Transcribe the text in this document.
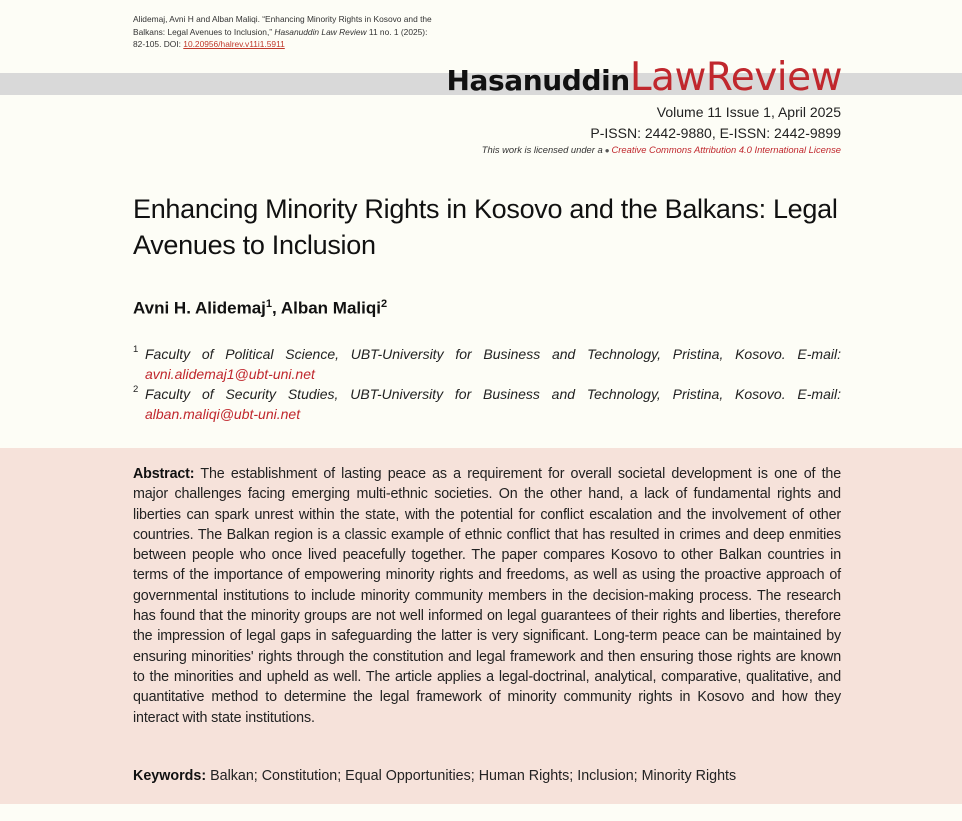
Alidemaj, Avni H and Alban Maliqi. “Enhancing Minority Rights in Kosovo and the Balkans: Legal Avenues to Inclusion,” Hasanuddin Law Review 11 no. 1 (2025): 82-105. DOI: 10.20956/halrev.v11i1.5911
HasanuddinLawReview
Volume 11 Issue 1, April 2025
P-ISSN: 2442-9880, E-ISSN: 2442-9899
This work is licensed under a ● Creative Commons Attribution 4.0 International License
Enhancing Minority Rights in Kosovo and the Balkans: Legal Avenues to Inclusion
Avni H. Alidemaj$^1$, Alban Maliqi$^2$
1 Faculty of Political Science, UBT-University for Business and Technology, Pristina, Kosovo. E-mail: avni.alidemaj1@ubt-uni.net
2 Faculty of Security Studies, UBT-University for Business and Technology, Pristina, Kosovo. E-mail: alban.maliqi@ubt-uni.net

Abstract: The establishment of lasting peace as a requirement for overall societal development is one of the major challenges facing emerging multi-ethnic societies. On the other hand, a lack of fundamental rights and liberties can spark unrest within the state, with the potential for conflict escalation and the involvement of other countries. The Balkan region is a classic example of ethnic conflict that has resulted in crimes and deep enmities between people who once lived peacefully together. The paper compares Kosovo to other Balkan countries in terms of the importance of empowering minority rights and freedoms, as well as using the proactive approach of governmental institutions to include minority community members in the decision-making process. The research has found that the minority groups are not well informed on legal guarantees of their rights and liberties, therefore the impression of legal gaps in safeguarding the latter is very significant. Long-term peace can be maintained by ensuring minorities' rights through the constitution and legal framework and then ensuring those rights are known to the minorities and upheld as well. The article applies a legal-doctrinal, analytical, comparative, qualitative, and quantitative method to determine the legal framework of minority community rights in Kosovo and how they interact with state institutions.

Keywords: Balkan; Constitution; Equal Opportunities; Human Rights; Inclusion; Minority Rights
